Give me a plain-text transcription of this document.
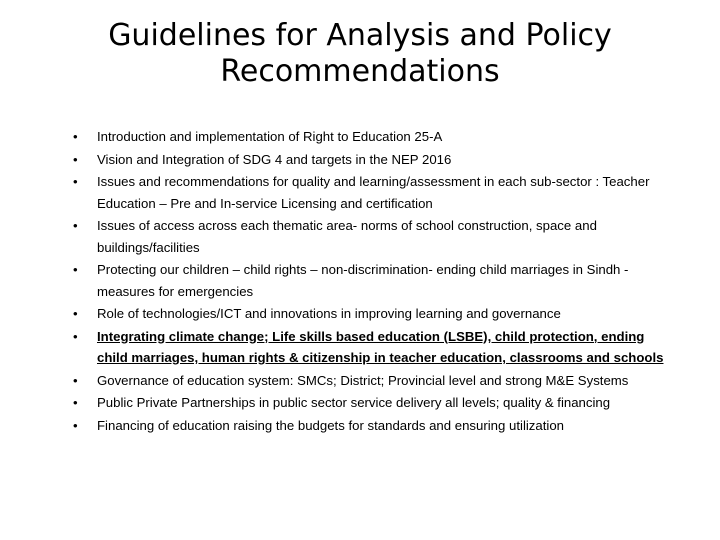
Guidelines for Analysis and Policy Recommendations
•	Introduction and implementation of Right to Education 25-A
•	Vision and Integration of SDG 4 and targets in the NEP 2016
•	Issues and recommendations for quality and learning/assessment in each sub-sector : Teacher Education – Pre and In-service Licensing and certification
•	Issues of access across each thematic area- norms of school construction, space and buildings/facilities
•	Protecting our children – child rights – non-discrimination- ending child marriages in Sindh - measures for emergencies
•	Role of technologies/ICT and innovations in improving learning and governance
•	Integrating climate change; Life skills based education (LSBE), child protection, ending child marriages, human rights & citizenship in teacher education, classrooms and schools
•	Governance of education system: SMCs; District; Provincial level and strong M&E Systems
•	Public Private Partnerships in public sector service delivery all levels; quality & financing
•	Financing of education raising the budgets for standards and ensuring utilization
